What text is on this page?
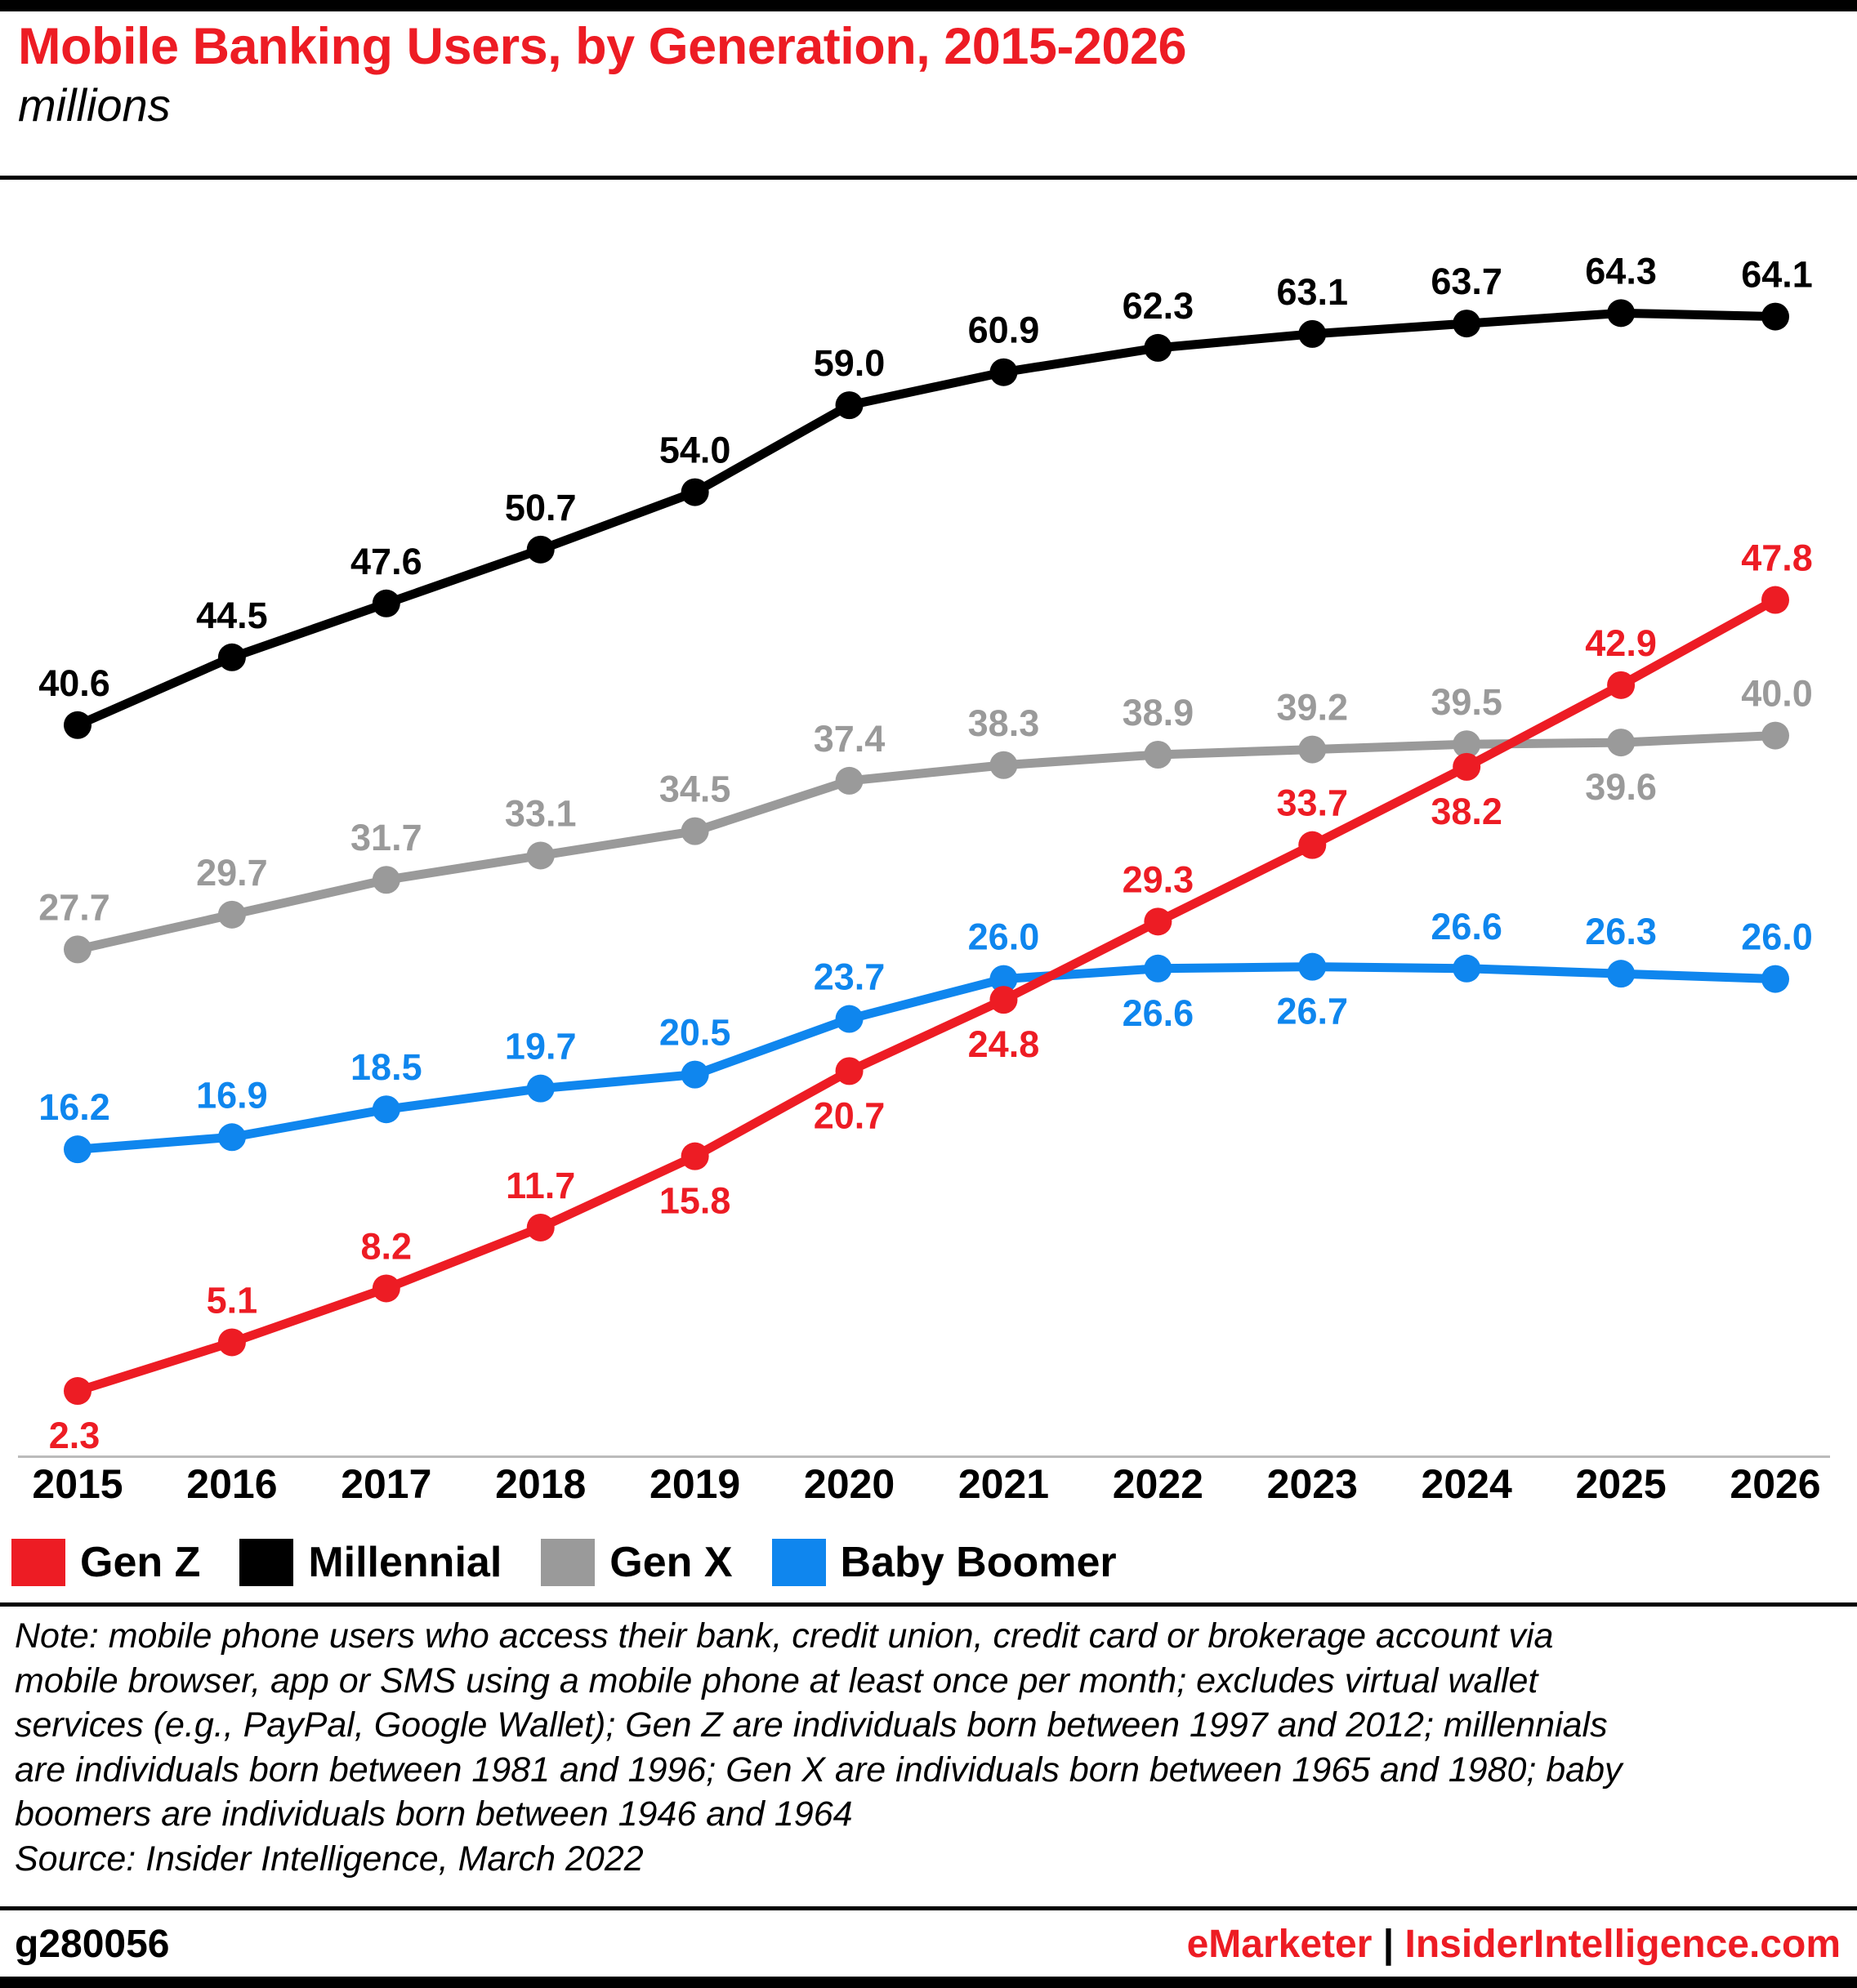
Mobile Banking Users, by Generation, 2015-2026
millions
27.7
29.7
31.7
33.1
34.5
37.4 38.3 38.9 39.2 39.5
39.6
40.0
40.6
44.5
47.6
50.7
54.0
59.0
60.9
62.3 63.1 63.7 64.3 64.1
16.2 16.9
18.5
19.7 20.5
23.7
26.0
26.6 26.7
26.6 26.3 26.0
2.3
5.1
8.2
11.7 15.8
20.7
24.8
29.3
33.7 38.2
42.9
47.8
2015 2016 2017 2018 2019 2020 2021 2022 2023 2024 2025 2026
Gen Z	Millennial	Gen X	Baby Boomer

Note: mobile phone users who access their bank, credit union, credit card or brokerage account via

mobile browser, app or SMS using a mobile phone at least once per month; excludes virtual wallet

services (e.g., PayPal, Google Wallet); Gen Z are individuals born between 1997 and 2012; millennials

are individuals born between 1981 and 1996; Gen X are individuals born between 1965 and 1980; baby

boomers are individuals born between 1946 and 1964

Source: Insider Intelligence, March 2022

g280056	eMarketer | InsiderIntelligence.com
